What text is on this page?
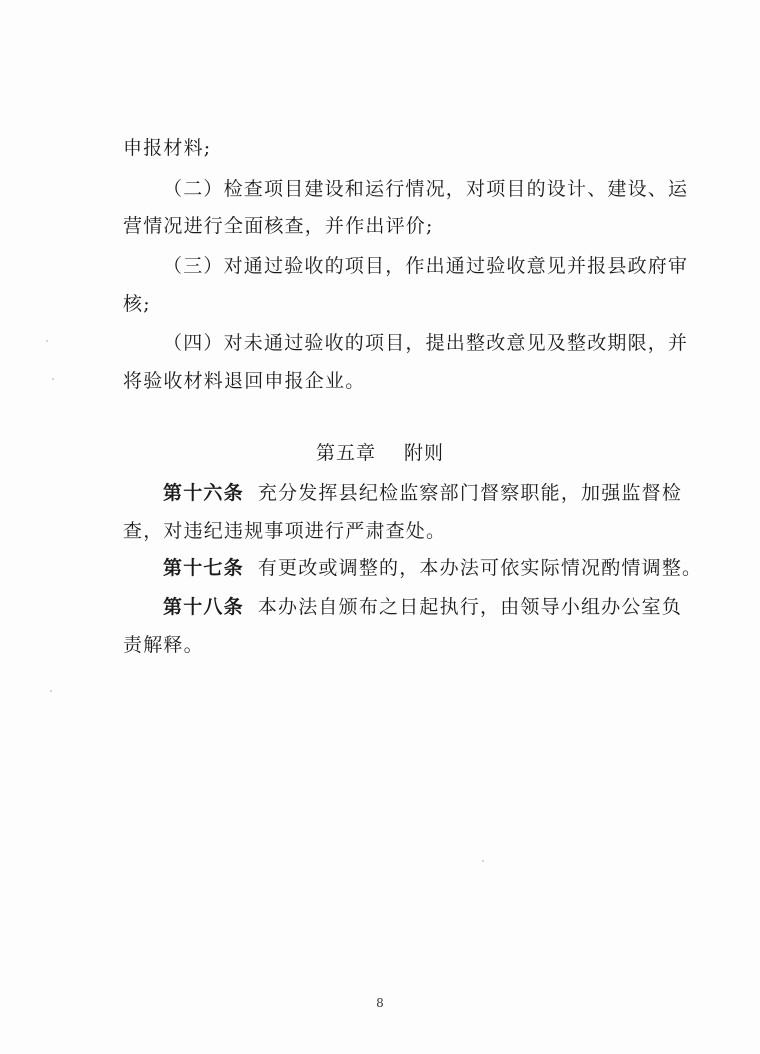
申报材料;
（二）检查项目建设和运行情况，对项目的设计、建设、运
营情况进行全面核查，并作出评价;
（三）对通过验收的项目，作出通过验收意见并报县政府审
核;
（四）对未通过验收的项目，提出整改意见及整改期限，并
将验收材料退回申报企业。
第五章 附则
第十六条 充分发挥县纪检监察部门督察职能，加强监督检
查，对违纪违规事项进行严肃查处。
第十七条 有更改或调整的，本办法可依实际情况酌情调整。
第十八条 本办法自颁布之日起执行，由领导小组办公室负
责解释。
8
